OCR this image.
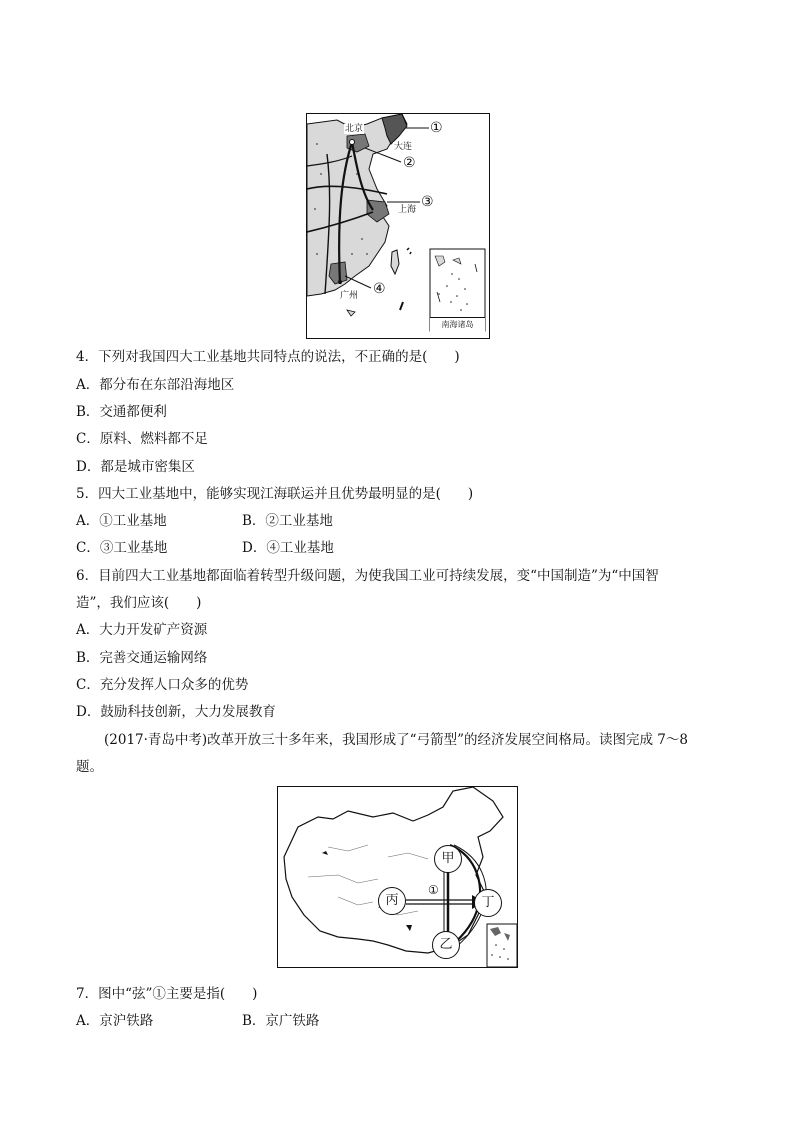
北京
大连
上海
广州
①
②
③
④
南海诸岛
4．下列对我国四大工业基地共同特点的说法，不正确的是(　　)
A．都分布在东部沿海地区
B．交通都便利
C．原料、燃料都不足
D．都是城市密集区
5．四大工业基地中，能够实现江海联运并且优势最明显的是(　　)
A．①工业基地	B．②工业基地
C．③工业基地	D．④工业基地
6．目前四大工业基地都面临着转型升级问题，为使我国工业可持续发展，变“中国制造”为“中国智
造”，我们应该(　　)
A．大力开发矿产资源
B．完善交通运输网络
C．充分发挥人口众多的优势
D．鼓励科技创新，大力发展教育
(2017·青岛中考)改革开放三十多年来，我国形成了“弓箭型”的经济发展空间格局。读图完成 7～8
题。
甲
丙	丁
乙
①
7．图中“弦”①主要是指(　　)
A．京沪铁路	B．京广铁路
